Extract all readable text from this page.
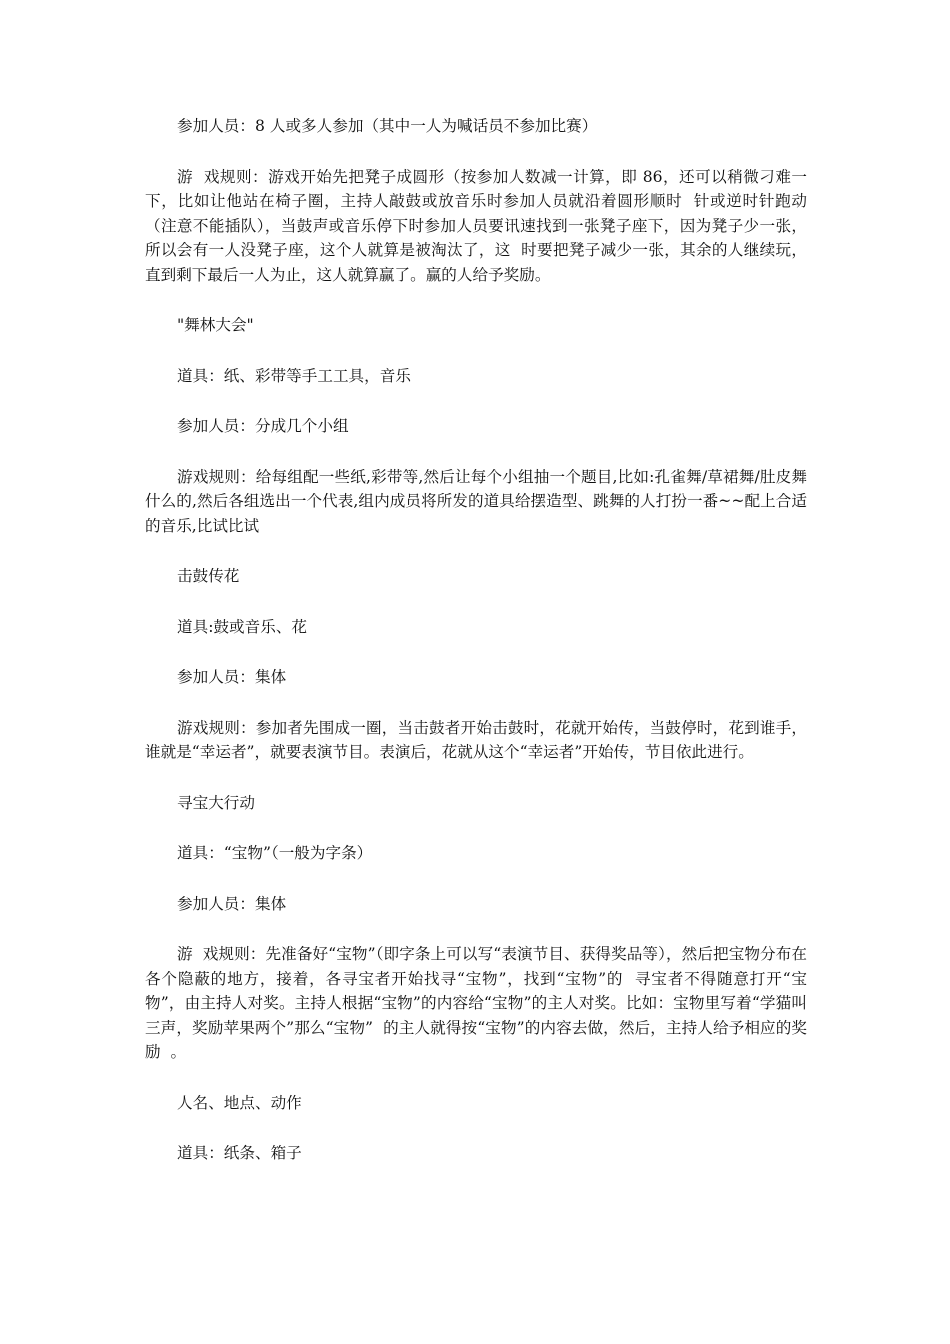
参加人员：8 人或多人参加（其中一人为喊话员不参加比赛）

游  戏规则：游戏开始先把凳子成圆形（按参加人数减一计算，即 86，还可以稍微刁难一下，比如让他站在椅子圈，主持人敲鼓或放音乐时参加人员就沿着圆形顺时  针或逆时针跑动（注意不能插队），当鼓声或音乐停下时参加人员要讯速找到一张凳子座下，因为凳子少一张，所以会有一人没凳子座，这个人就算是被淘汰了，这  时要把凳子减少一张，其余的人继续玩，直到剩下最后一人为止，这人就算赢了。赢的人给予奖励。

"舞林大会"

道具：纸、彩带等手工工具，音乐

参加人员：分成几个小组

游戏规则：给每组配一些纸,彩带等,然后让每个小组抽一个题目,比如:孔雀舞/草裙舞/肚皮舞什么的,然后各组选出一个代表,组内成员将所发的道具给摆造型、跳舞的人打扮一番~~配上合适的音乐,比试比试

击鼓传花

道具:鼓或音乐、花

参加人员：集体

游戏规则：参加者先围成一圈，当击鼓者开始击鼓时，花就开始传，当鼓停时，花到谁手，谁就是“幸运者”，就要表演节目。表演后，花就从这个“幸运者”开始传，节目依此进行。

寻宝大行动

道具：“宝物”（一般为字条）

参加人员：集体

游  戏规则：先准备好“宝物”（即字条上可以写“表演节目、获得奖品等），然后把宝物分布在各个隐蔽的地方，接着，各寻宝者开始找寻“宝物”，找到“宝物”的  寻宝者不得随意打开“宝物”，由主持人对奖。主持人根据“宝物”的内容给“宝物”的主人对奖。比如：宝物里写着“学猫叫三声，奖励苹果两个”那么“宝物”  的主人就得按“宝物”的内容去做，然后，主持人给予相应的奖励  。

人名、地点、动作

道具：纸条、箱子
